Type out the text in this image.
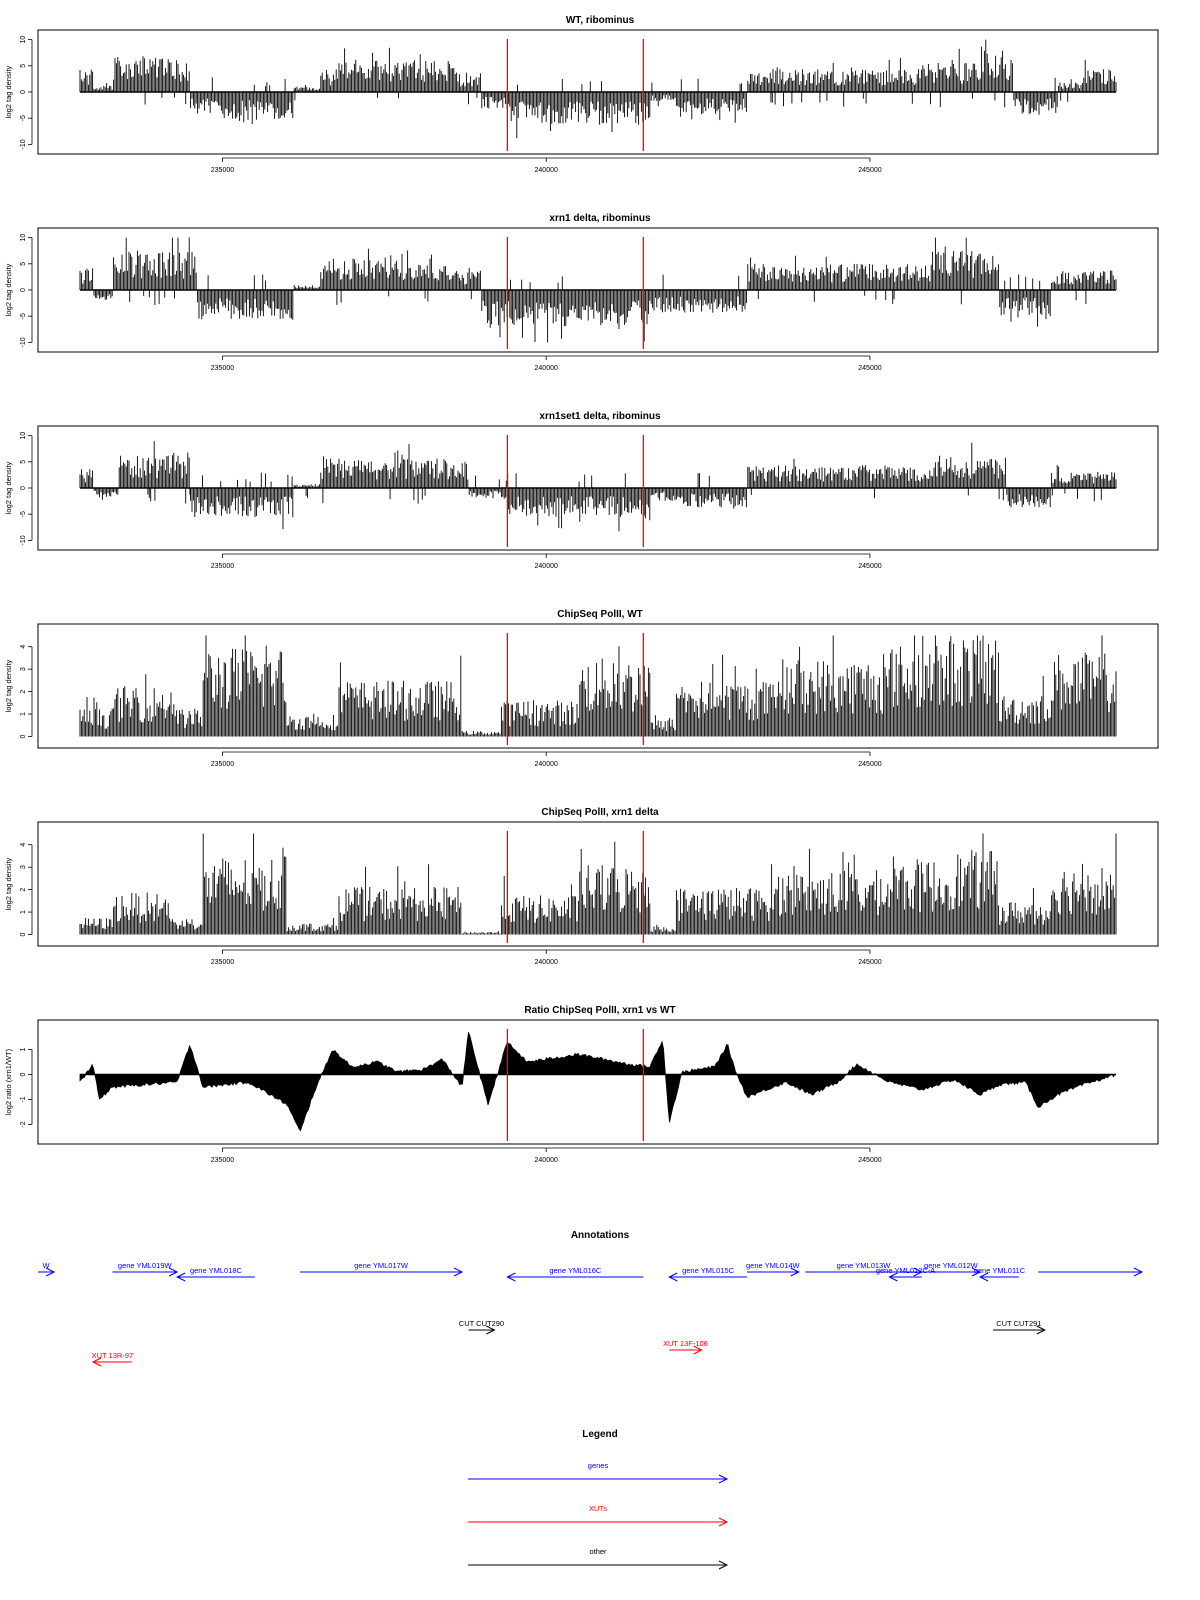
WT, ribominus
-10
-5
0
5
10
log2 tag density
235000	240000	245000
xrn1 delta, ribominus
-10
-5
0
5
10
log2 tag density
235000	240000	245000
xrn1set1 delta, ribominus
-10
-5
0
5
10
log2 tag density
235000	240000	245000
ChipSeq PolII, WT
0
1
2
3
4
log2 tag density
235000	240000	245000
ChipSeq PolII, xrn1 delta
0
1
2
3
4
log2 tag density
235000	240000	245000
Ratio ChipSeq PolII, xrn1 vs WT
-2
-1
0
1
log2 ratio (xrn1/WT)
235000	240000	245000
Annotations
W	gene YML019W
gene YML018C
gene YML017W
gene YML016C	gene YML015C
gene YML014W	gene YML013W
gene YML012C-A
gene YML012W
gene YML011C
CUT CUT290	CUT CUT291
XUT 13F-106
XUT 13R-97
Legend
genes
XUTs
other
